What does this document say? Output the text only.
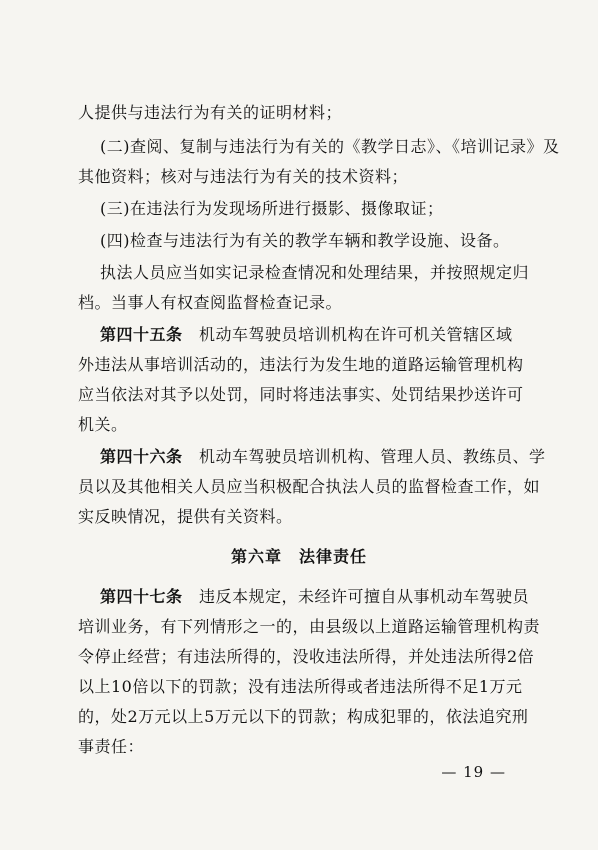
人提供与违法行为有关的证明材料；
(二)查阅、复制与违法行为有关的《教学日志》、《培训记录》及
其他资料；核对与违法行为有关的技术资料；
(三)在违法行为发现场所进行摄影、摄像取证；
(四)检查与违法行为有关的教学车辆和教学设施、设备。
执法人员应当如实记录检查情况和处理结果，并按照规定归
档。当事人有权查阅监督检查记录。
第四十五条　 机动车驾驶员培训机构在许可机关管辖区域
外违法从事培训活动的，违法行为发生地的道路运输管理机构
应当依法对其予以处罚，同时将违法事实、处罚结果抄送许可
机关。
第四十六条　 机动车驾驶员培训机构、管理人员、教练员、学
员以及其他相关人员应当积极配合执法人员的监督检查工作，如
实反映情况，提供有关资料。
第六章　法律责任
第四十七条　 违反本规定，未经许可擅自从事机动车驾驶员
培训业务，有下列情形之一的，由县级以上道路运输管理机构责
令停止经营；有违法所得的，没收违法所得，并处违法所得2倍
以上10倍以下的罚款；没有违法所得或者违法所得不足1万元
的，处2万元以上5万元以下的罚款；构成犯罪的，依法追究刑
事责任：
— 19 —
